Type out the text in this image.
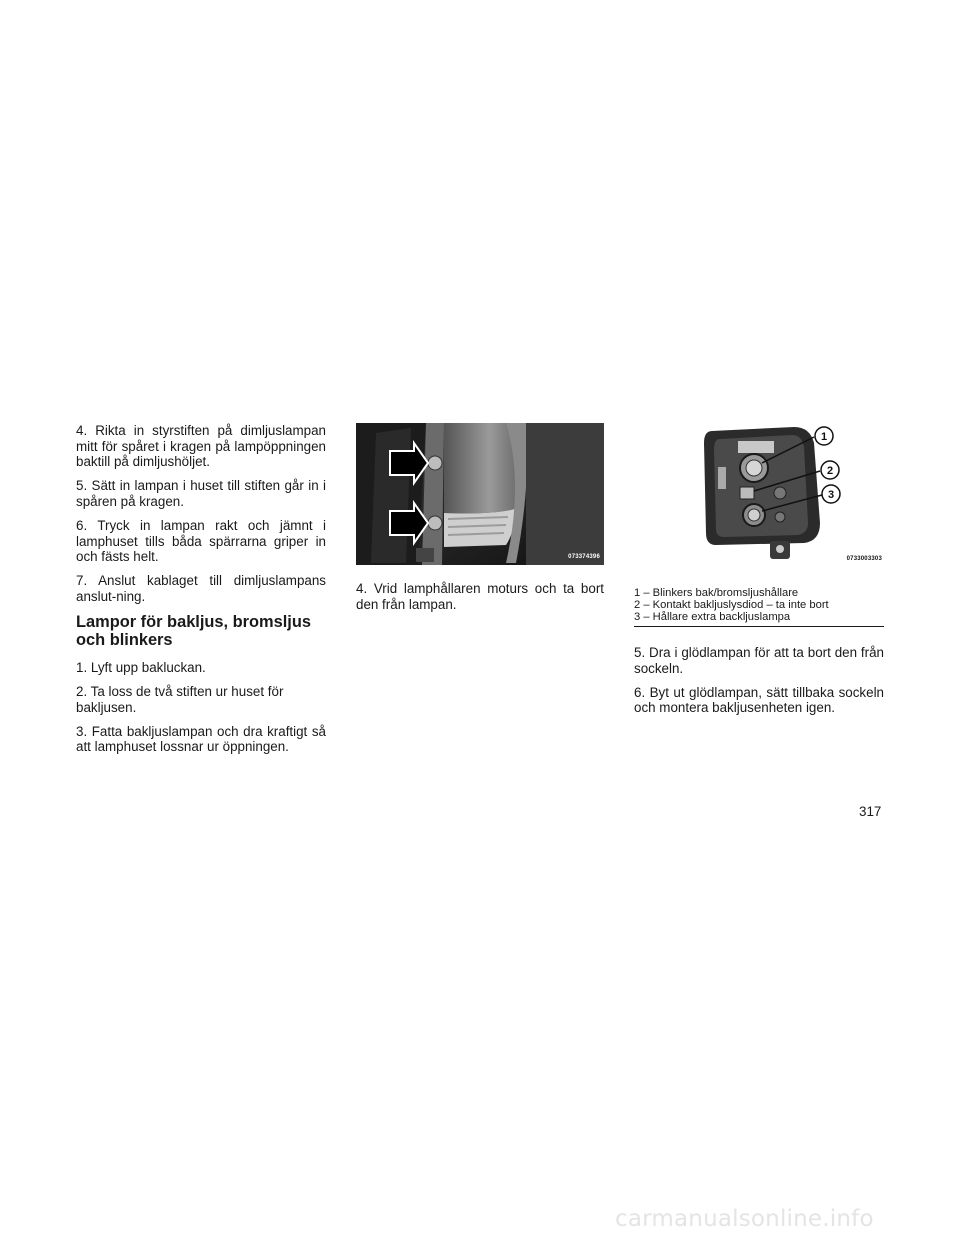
4. Rikta in styrstiften på dimljuslampan mitt för spåret i kragen på lampöppningen baktill på dimljushöljet.

5. Sätt in lampan i huset till stiften går in i spåren på kragen.

6. Tryck in lampan rakt och jämnt i lamphuset tills båda spärrarna griper in och fästs helt.

7. Anslut kablaget till dimljuslampans anslut-ning.

Lampor för bakljus, bromsljus och blinkers

1. Lyft upp bakluckan.

2. Ta loss de två stiften ur huset för bakljusen.

3. Fatta bakljuslampan och dra kraftigt så att lamphuset lossnar ur öppningen.

073374396

4. Vrid lamphållaren moturs och ta bort den från lampan.

1
2
3
0733003303
1 – Blinkers bak/bromsljushållare
2 – Kontakt bakljuslysdiod – ta inte bort
3 – Hållare extra backljuslampa

5. Dra i glödlampan för att ta bort den från sockeln.

6. Byt ut glödlampan, sätt tillbaka sockeln och montera bakljusenheten igen.

317
carmanualsonline.info
